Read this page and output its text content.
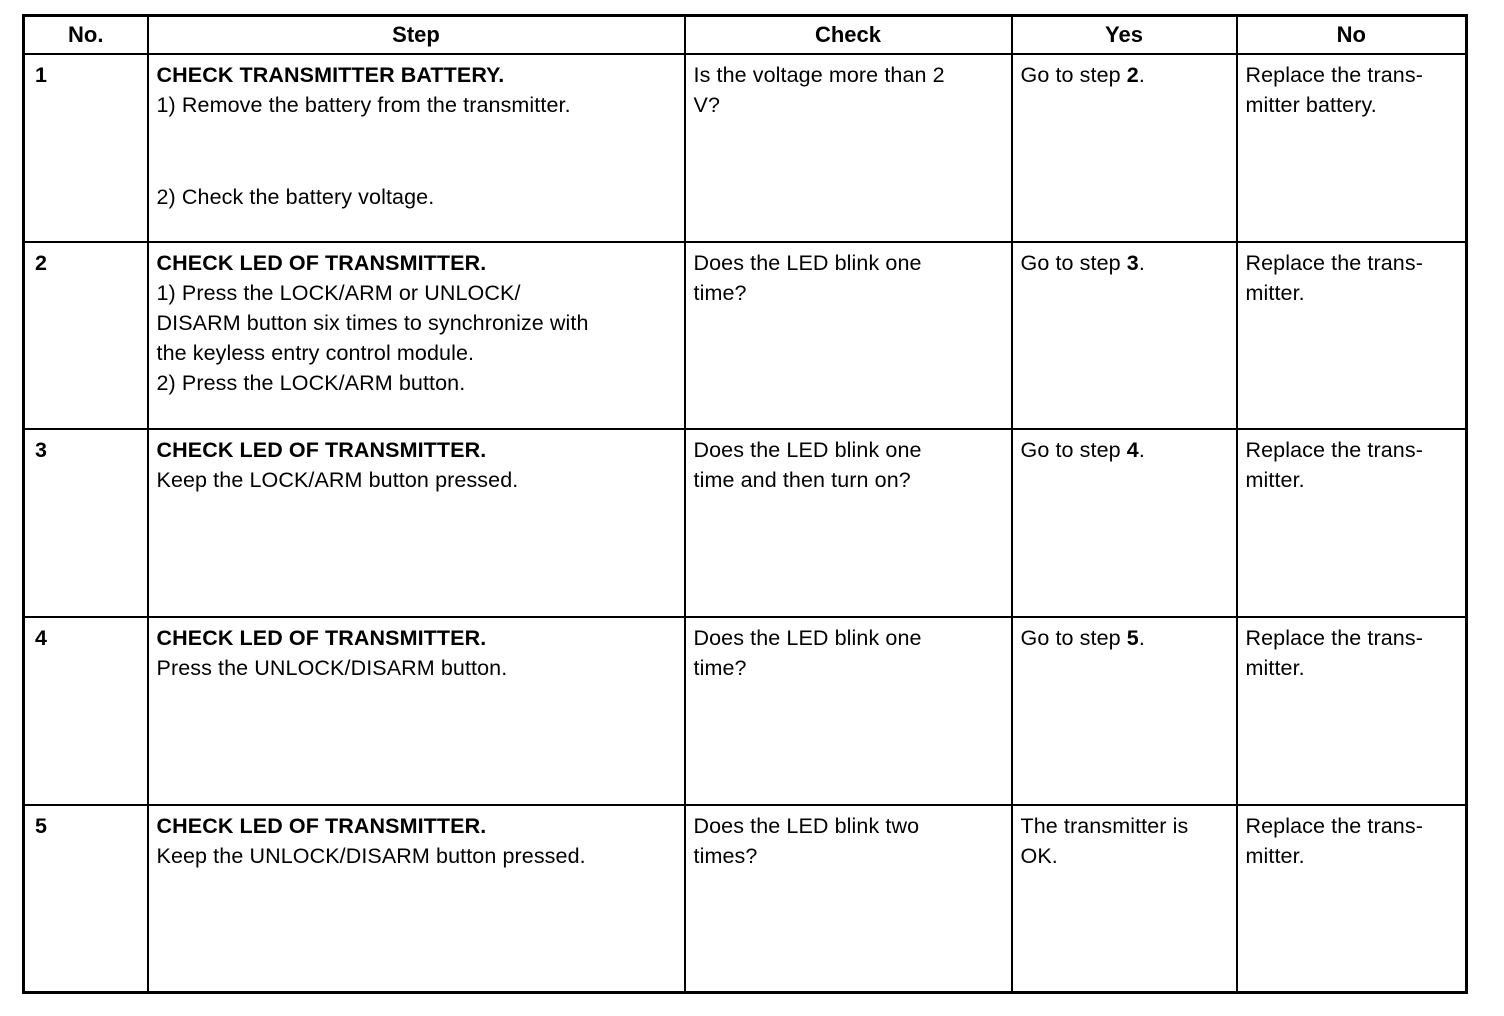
No.	Step	Check	Yes	No
1	CHECK TRANSMITTER BATTERY.
1) Remove the battery from the transmitter.
2) Check the battery voltage.	Is the voltage more than 2
V?	Go to step 2.	Replace the trans-
mitter battery.

2	CHECK LED OF TRANSMITTER.
1) Press the LOCK/ARM or UNLOCK/
DISARM button six times to synchronize with
the keyless entry control module.
2) Press the LOCK/ARM button.	Does the LED blink one
time?	Go to step 3.	Replace the trans-
mitter.

3	CHECK LED OF TRANSMITTER.
Keep the LOCK/ARM button pressed.	Does the LED blink one
time and then turn on?	Go to step 4.	Replace the trans-
mitter.

4	CHECK LED OF TRANSMITTER.
Press the UNLOCK/DISARM button.	Does the LED blink one
time?	Go to step 5.	Replace the trans-
mitter.

5	CHECK LED OF TRANSMITTER.
Keep the UNLOCK/DISARM button pressed.	Does the LED blink two
times?	The transmitter is
OK.	Replace the trans-
mitter.
